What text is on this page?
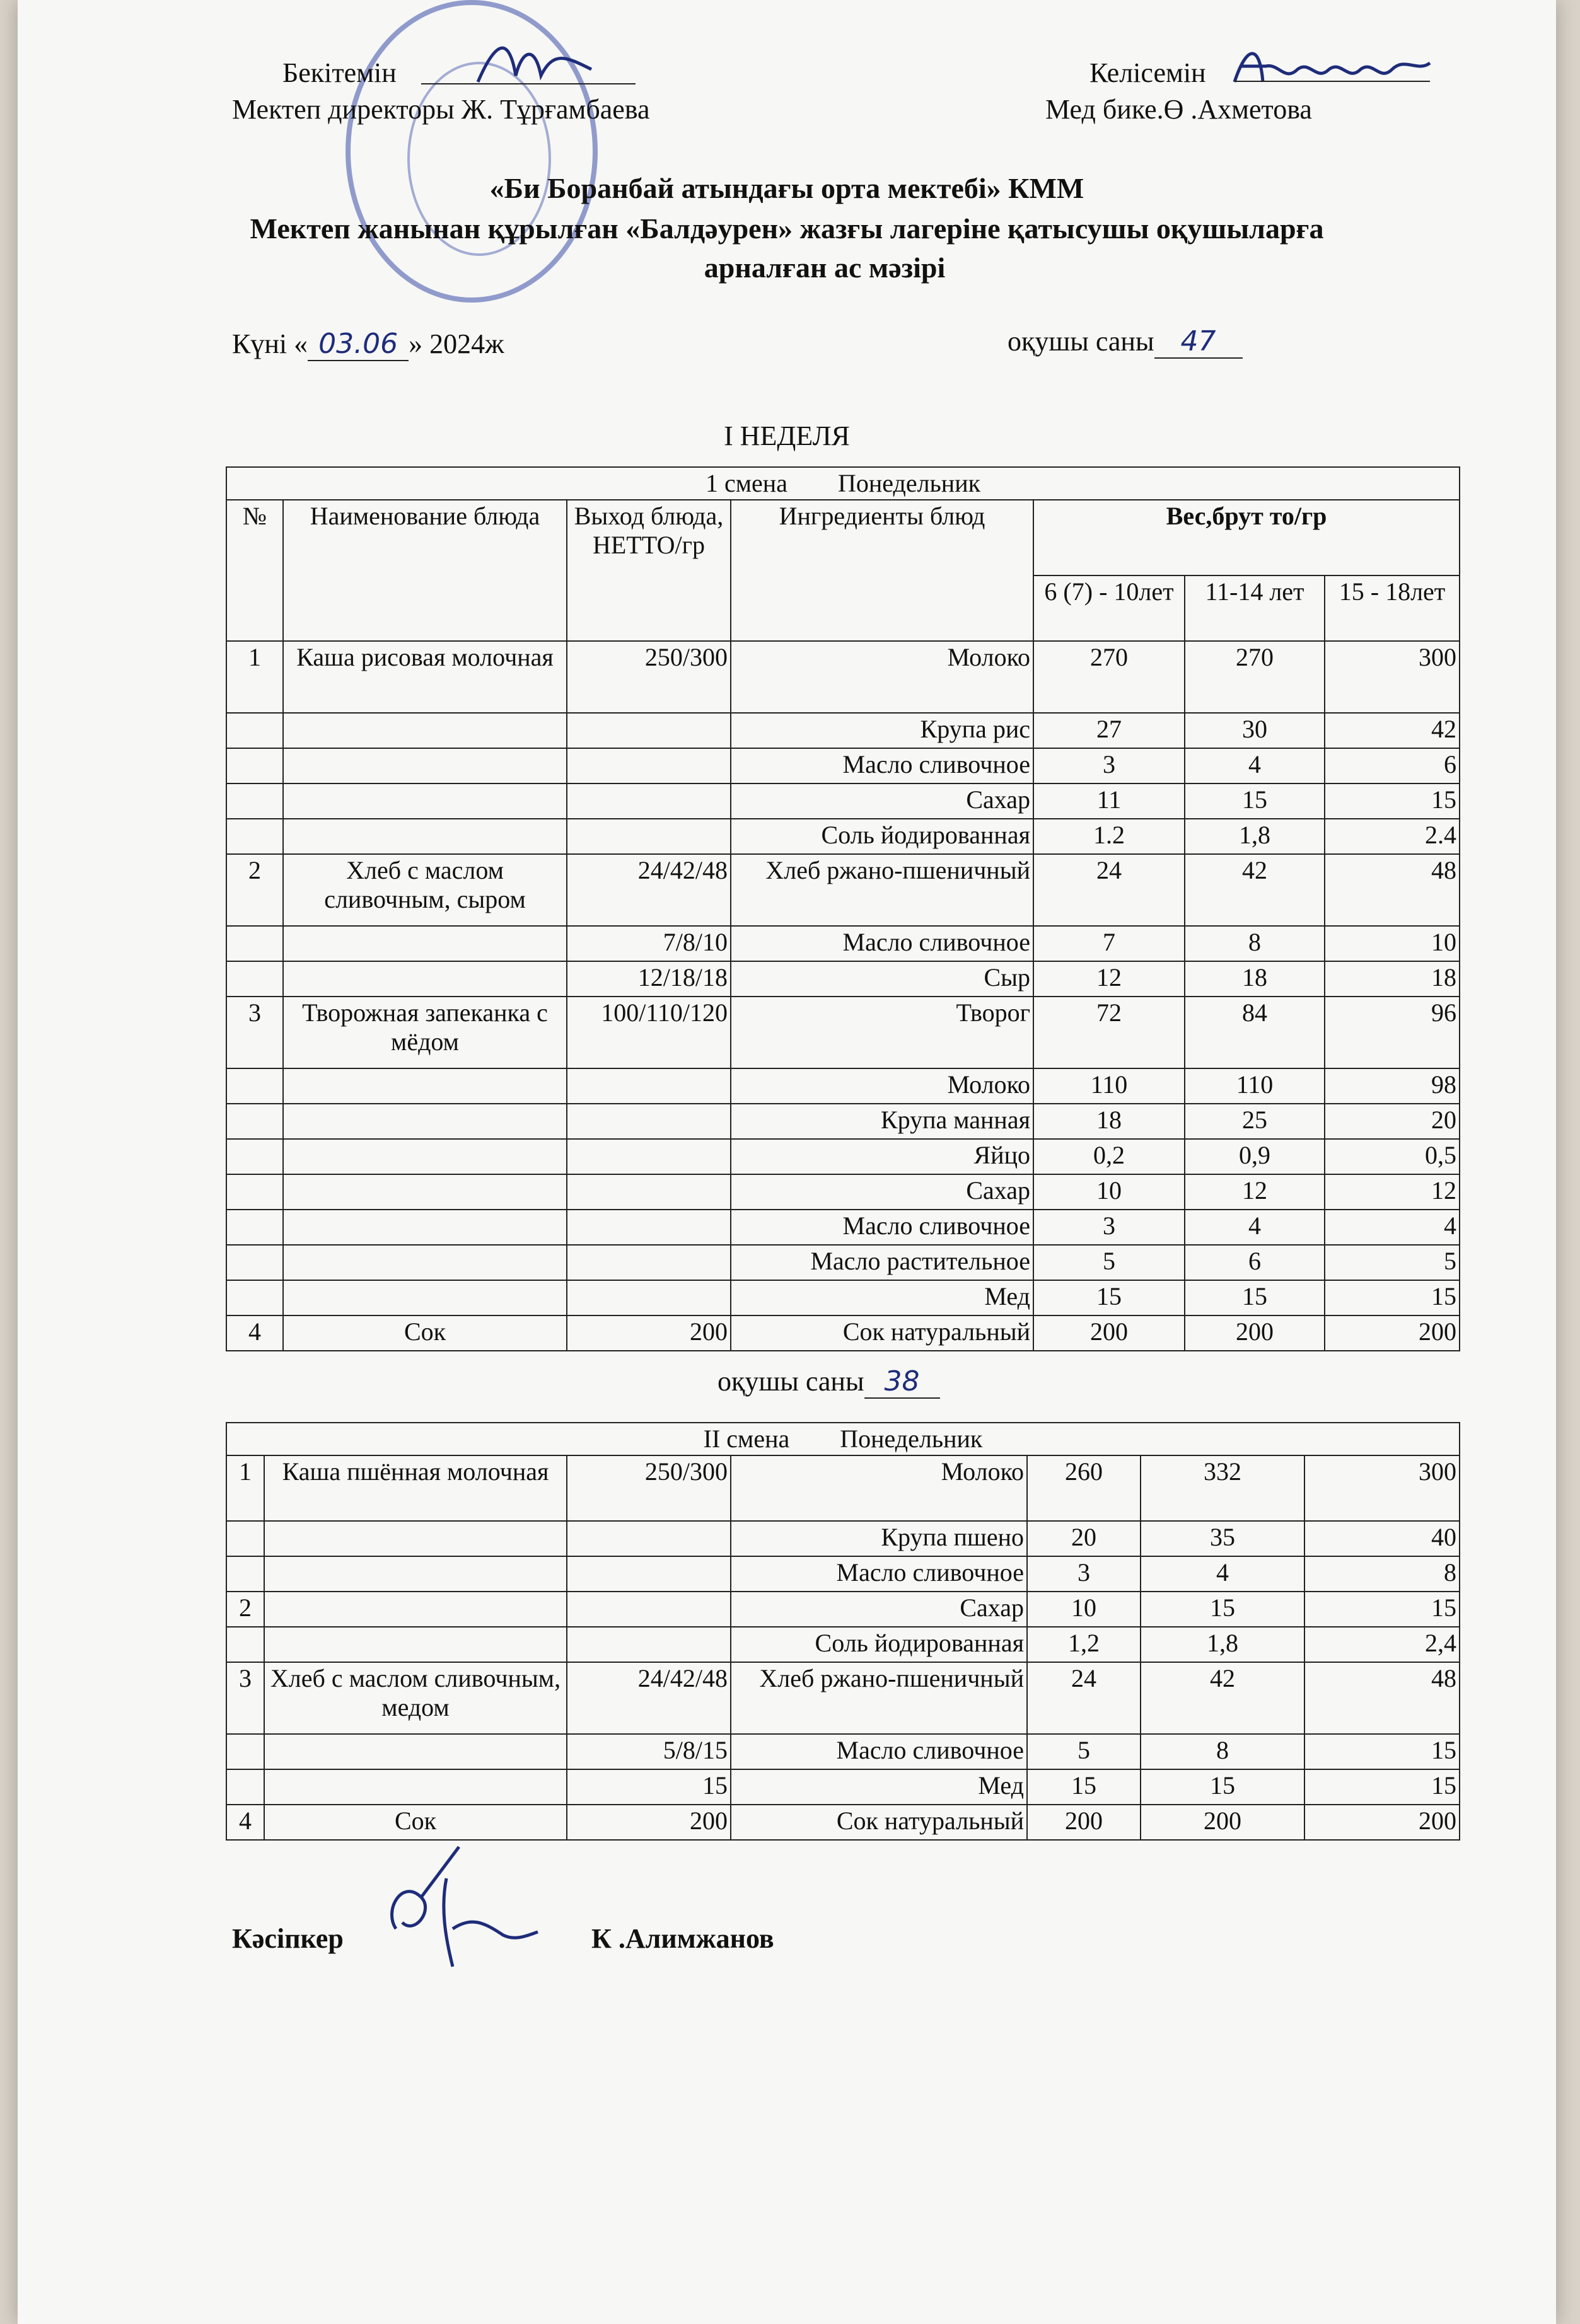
Бекітемін
Мектеп директоры Ж. Тұрғамбаева
Келісемін
Мед бике.Ө .Ахметова
«Би Боранбай атындағы орта мектебі» КММ
Мектеп жанынан құрылған «Балдәурен» жазғы лагеріне қатысушы оқушыларға
арналған ас мәзірі
Күні « 03.06 » 2024ж	оқушы саны 47
I НЕДЕЛЯ
1 смена Понедельник						
№	Наименование блюда	Выход блюда, НЕТТО/гр	Ингредиенты блюд	Вес,брут то/гр		
				6 (7) - 10лет	11-14 лет	15 - 18лет
1	Каша рисовая молочная	250/300	Молоко	270	270	300
			Крупа рис	27	30	42
			Масло сливочное	3	4	6
			Сахар	11	15	15
			Соль йодированная	1.2	1,8	2.4
2	Хлеб с маслом сливочным, сыром	24/42/48	Хлеб ржано-пшеничный	24	42	48
		7/8/10	Масло сливочное	7	8	10
		12/18/18	Сыр	12	18	18
3	Творожная запеканка с мёдом	100/110/120	Творог	72	84	96
			Молоко	110	110	98
			Крупа манная	18	25	20
			Яйцо	0,2	0,9	0,5
			Сахар	10	12	12
			Масло сливочное	3	4	4
			Масло растительное	5	6	5
			Мед	15	15	15
4	Сок	200	Сок натуральный	200	200	200
оқушы саны 38
II смена Понедельник						
1	Каша пшённая молочная	250/300	Молоко	260	332	300
			Крупа пшено	20	35	40
			Масло сливочное	3	4	8
2			Сахар	10	15	15
			Соль йодированная	1,2	1,8	2,4
3	Хлеб с маслом сливочным, медом	24/42/48	Хлеб ржано-пшеничный	24	42	48
		5/8/15	Масло сливочное	5	8	15
		15	Мед	15	15	15
4	Сок	200	Сок натуральный	200	200	200
Кәсіпкер	К .Алимжанов
